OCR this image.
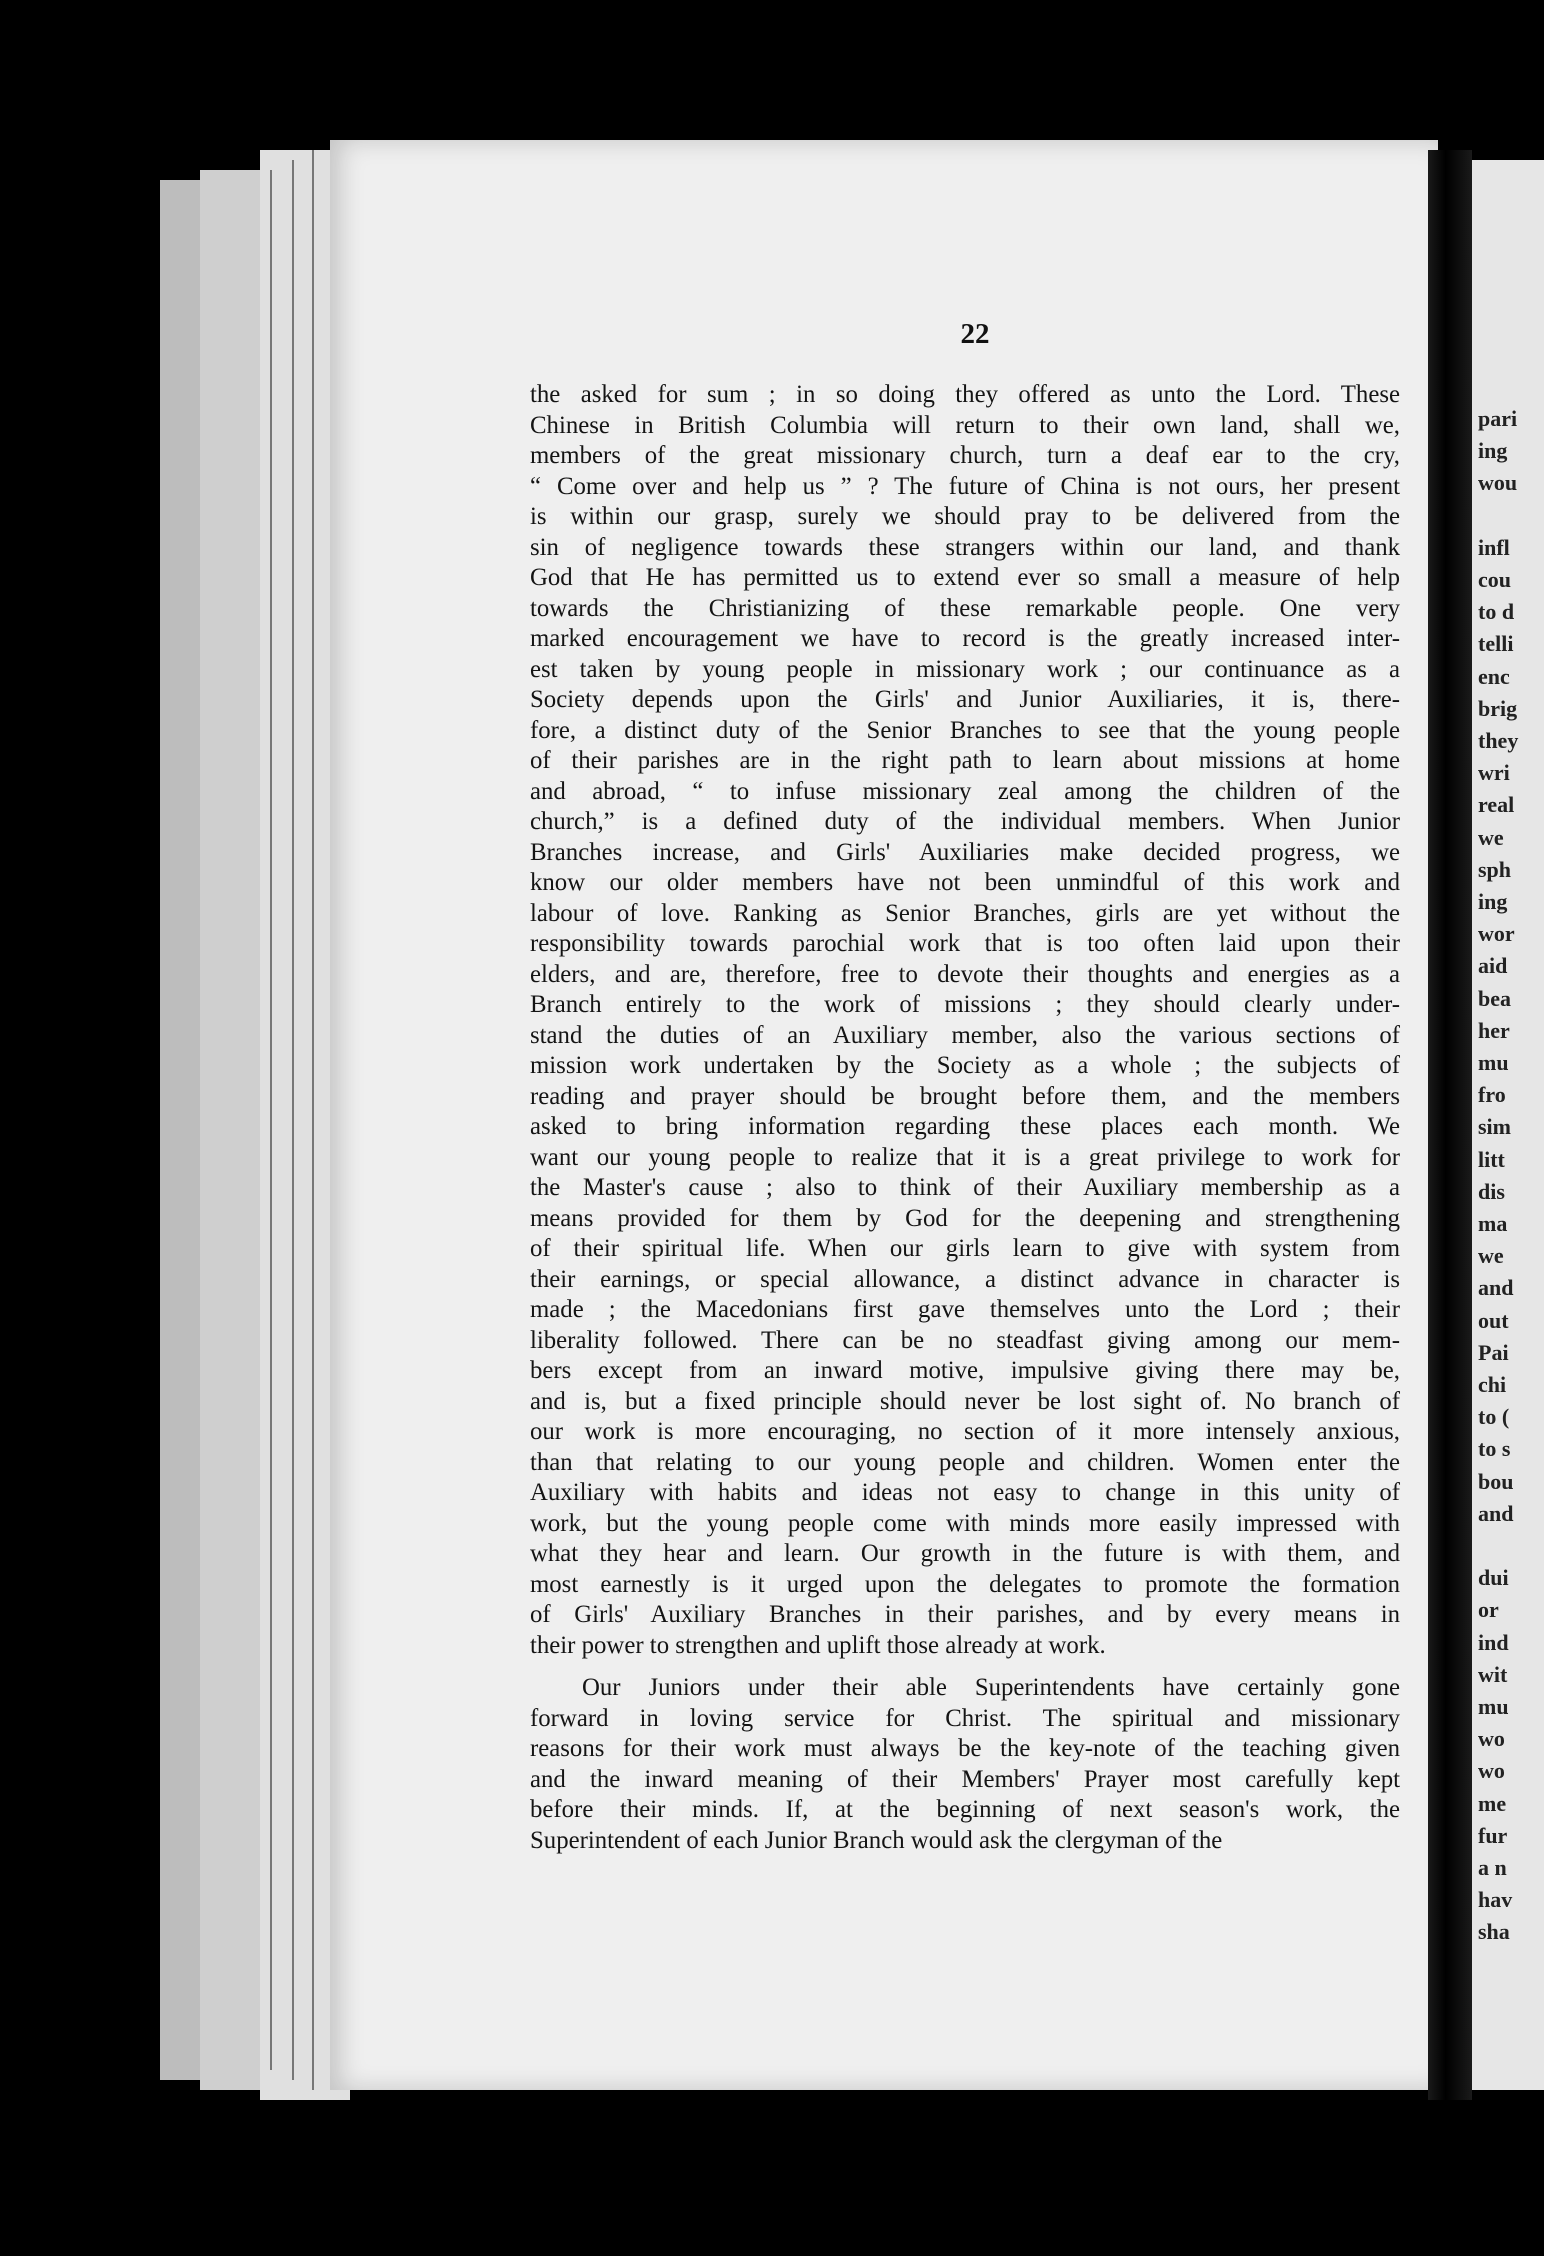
22
the asked for sum ; in so doing they offered as unto the Lord. These
Chinese in British Columbia will return to their own land, shall we,
members of the great missionary church, turn a deaf ear to the cry,
“ Come over and help us ” ? The future of China is not ours, her present
is within our grasp, surely we should pray to be delivered from the
sin of negligence towards these strangers within our land, and thank
God that He has permitted us to extend ever so small a measure of help
towards the Christianizing of these remarkable people. One very
marked encouragement we have to record is the greatly increased inter-
est taken by young people in missionary work ; our continuance as a
Society depends upon the Girls' and Junior Auxiliaries, it is, there-
fore, a distinct duty of the Senior Branches to see that the young people
of their parishes are in the right path to learn about missions at home
and abroad, “ to infuse missionary zeal among the children of the
church,” is a defined duty of the individual members. When Junior
Branches increase, and Girls' Auxiliaries make decided progress, we
know our older members have not been unmindful of this work and
labour of love. Ranking as Senior Branches, girls are yet without the
responsibility towards parochial work that is too often laid upon their
elders, and are, therefore, free to devote their thoughts and energies as a
Branch entirely to the work of missions ; they should clearly under-
stand the duties of an Auxiliary member, also the various sections of
mission work undertaken by the Society as a whole ; the subjects of
reading and prayer should be brought before them, and the members
asked to bring information regarding these places each month. We
want our young people to realize that it is a great privilege to work for
the Master's cause ; also to think of their Auxiliary membership as a
means provided for them by God for the deepening and strengthening
of their spiritual life. When our girls learn to give with system from
their earnings, or special allowance, a distinct advance in character is
made ; the Macedonians first gave themselves unto the Lord ; their
liberality followed. There can be no steadfast giving among our mem-
bers except from an inward motive, impulsive giving there may be,
and is, but a fixed principle should never be lost sight of. No branch of
our work is more encouraging, no section of it more intensely anxious,
than that relating to our young people and children. Women enter the
Auxiliary with habits and ideas not easy to change in this unity of
work, but the young people come with minds more easily impressed with
what they hear and learn. Our growth in the future is with them, and
most earnestly is it urged upon the delegates to promote the formation
of Girls' Auxiliary Branches in their parishes, and by every means in
their power to strengthen and uplift those already at work.
Our Juniors under their able Superintendents have certainly gone
forward in loving service for Christ. The spiritual and missionary
reasons for their work must always be the key-note of the teaching given
and the inward meaning of their Members' Prayer most carefully kept
before their minds. If, at the beginning of next season's work, the
Superintendent of each Junior Branch would ask the clergyman of the
pari
ing
wou
infl
cou
to d
telli
enc
brig
they
wri
real
we
sph
ing
wor
aid
bea
her
mu
fro
sim
litt
dis
ma
we
and
out
Pai
chi
to (
to s
bou
and
dui
or
ind
wit
mu
wo
wo
me
fur
a n
hav
sha
